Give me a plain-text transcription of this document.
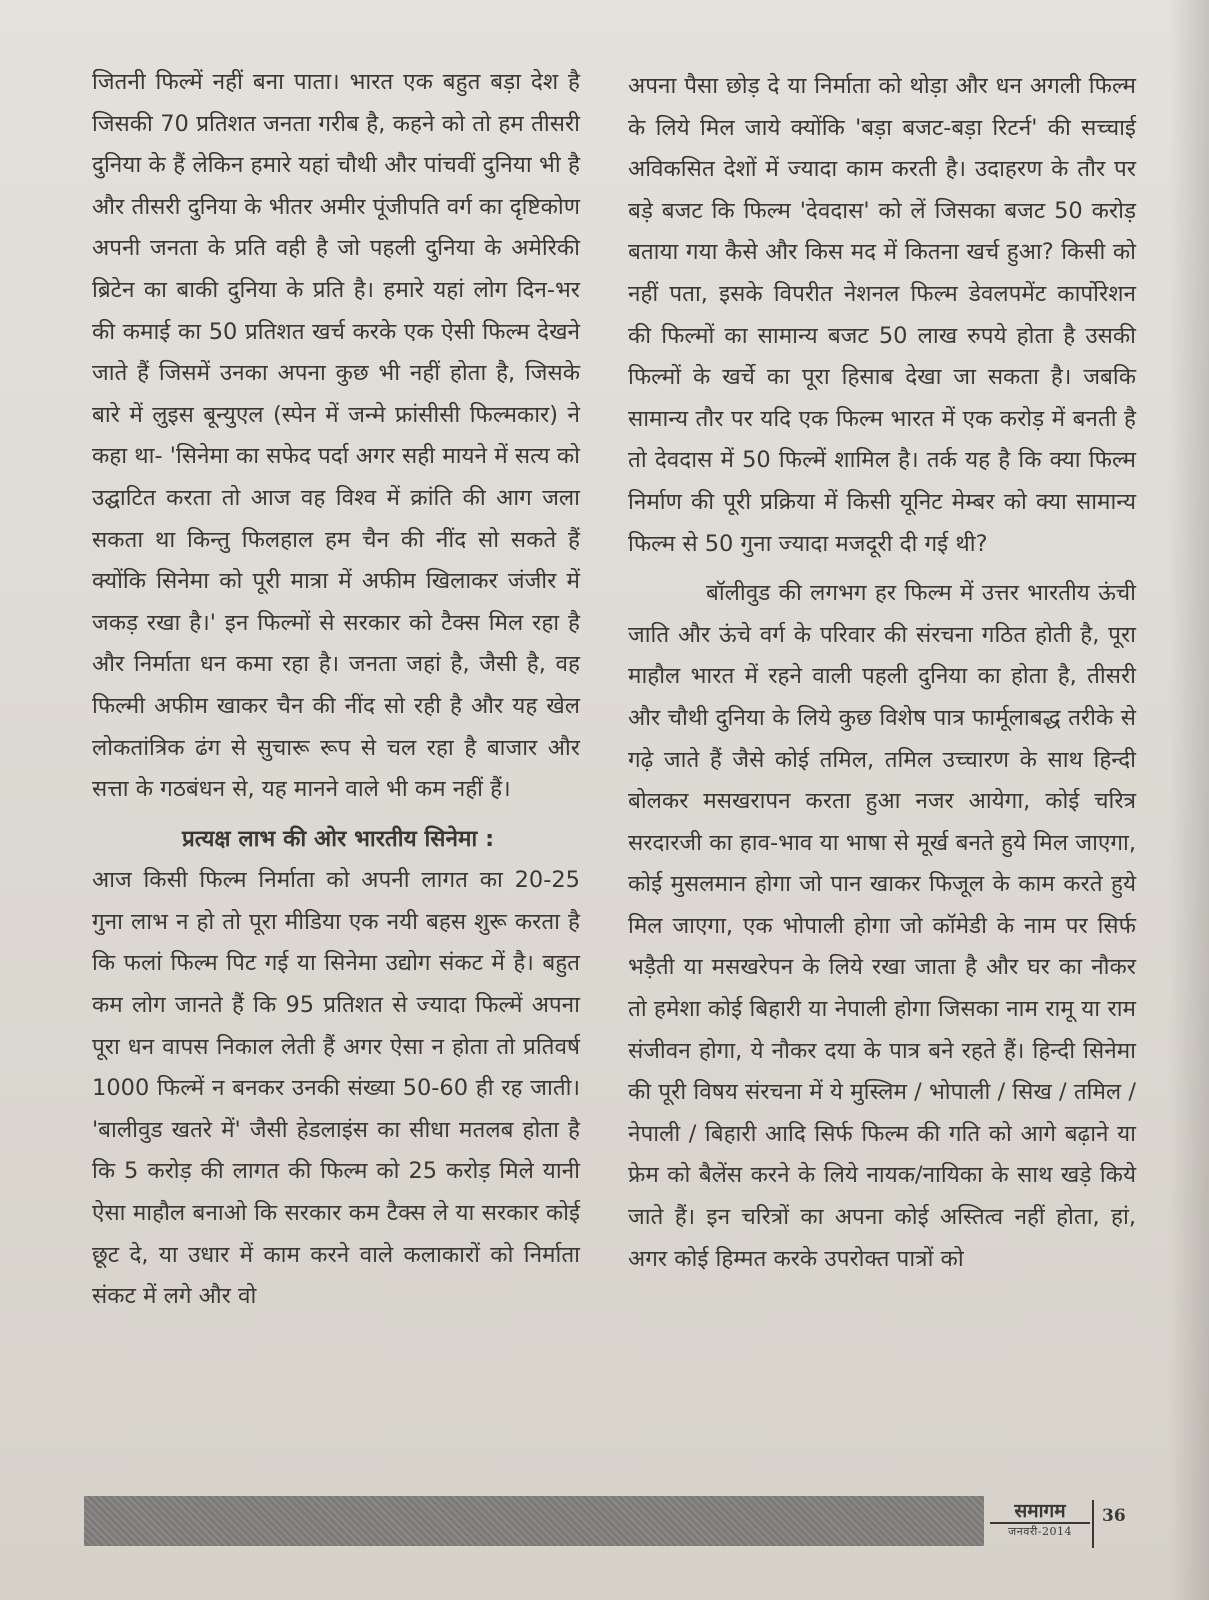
जितनी फिल्में नहीं बना पाता। भारत एक बहुत बड़ा देश है जिसकी 70 प्रतिशत जनता गरीब है, कहने को तो हम तीसरी दुनिया के हैं लेकिन हमारे यहां चौथी और पांचवीं दुनिया भी है और तीसरी दुनिया के भीतर अमीर पूंजीपति वर्ग का दृष्टिकोण अपनी जनता के प्रति वही है जो पहली दुनिया के अमेरिकी ब्रिटेन का बाकी दुनिया के प्रति है। हमारे यहां लोग दिन-भर की कमाई का 50 प्रतिशत खर्च करके एक ऐसी फिल्म देखने जाते हैं जिसमें उनका अपना कुछ भी नहीं होता है, जिसके बारे में लुइस बून्युएल (स्पेन में जन्मे फ्रांसीसी फिल्मकार) ने कहा था- 'सिनेमा का सफेद पर्दा अगर सही मायने में सत्य को उद्घाटित करता तो आज वह विश्व में क्रांति की आग जला सकता था किन्तु फिलहाल हम चैन की नींद सो सकते हैं क्योंकि सिनेमा को पूरी मात्रा में अफीम खिलाकर जंजीर में जकड़ रखा है।' इन फिल्मों से सरकार को टैक्स मिल रहा है और निर्माता धन कमा रहा है। जनता जहां है, जैसी है, वह फिल्मी अफीम खाकर चैन की नींद सो रही है और यह खेल लोकतांत्रिक ढंग से सुचारू रूप से चल रहा है बाजार और सत्ता के गठबंधन से, यह मानने वाले भी कम नहीं हैं।

प्रत्यक्ष लाभ की ओर भारतीय सिनेमा :

आज किसी फिल्म निर्माता को अपनी लागत का 20-25 गुना लाभ न हो तो पूरा मीडिया एक नयी बहस शुरू करता है कि फलां फिल्म पिट गई या सिनेमा उद्योग संकट में है। बहुत कम लोग जानते हैं कि 95 प्रतिशत से ज्यादा फिल्में अपना पूरा धन वापस निकाल लेती हैं अगर ऐसा न होता तो प्रतिवर्ष 1000 फिल्में न बनकर उनकी संख्या 50-60 ही रह जाती। 'बालीवुड खतरे में' जैसी हेडलाइंस का सीधा मतलब होता है कि 5 करोड़ की लागत की फिल्म को 25 करोड़ मिले यानी ऐसा माहौल बनाओ कि सरकार कम टैक्स ले या सरकार कोई छूट दे, या उधार में काम करने वाले कलाकारों को निर्माता संकट में लगे और वो

अपना पैसा छोड़ दे या निर्माता को थोड़ा और धन अगली फिल्म के लिये मिल जाये क्योंकि 'बड़ा बजट-बड़ा रिटर्न' की सच्चाई अविकसित देशों में ज्यादा काम करती है। उदाहरण के तौर पर बड़े बजट कि फिल्म 'देवदास' को लें जिसका बजट 50 करोड़ बताया गया कैसे और किस मद में कितना खर्च हुआ? किसी को नहीं पता, इसके विपरीत नेशनल फिल्म डेवलपमेंट कार्पोरेशन की फिल्मों का सामान्य बजट 50 लाख रुपये होता है उसकी फिल्मों के खर्चे का पूरा हिसाब देखा जा सकता है। जबकि सामान्य तौर पर यदि एक फिल्म भारत में एक करोड़ में बनती है तो देवदास में 50 फिल्में शामिल है। तर्क यह है कि क्या फिल्म निर्माण की पूरी प्रक्रिया में किसी यूनिट मेम्बर को क्या सामान्य फिल्म से 50 गुना ज्यादा मजदूरी दी गई थी?

बॉलीवुड की लगभग हर फिल्म में उत्तर भारतीय ऊंची जाति और ऊंचे वर्ग के परिवार की संरचना गठित होती है, पूरा माहौल भारत में रहने वाली पहली दुनिया का होता है, तीसरी और चौथी दुनिया के लिये कुछ विशेष पात्र फार्मूलाबद्ध तरीके से गढ़े जाते हैं जैसे कोई तमिल, तमिल उच्चारण के साथ हिन्दी बोलकर मसखरापन करता हुआ नजर आयेगा, कोई चरित्र सरदारजी का हाव-भाव या भाषा से मूर्ख बनते हुये मिल जाएगा, कोई मुसलमान होगा जो पान खाकर फिजूल के काम करते हुये मिल जाएगा, एक भोपाली होगा जो कॉमेडी के नाम पर सिर्फ भड़ैती या मसखरेपन के लिये रखा जाता है और घर का नौकर तो हमेशा कोई बिहारी या नेपाली होगा जिसका नाम रामू या राम संजीवन होगा, ये नौकर दया के पात्र बने रहते हैं। हिन्दी सिनेमा की पूरी विषय संरचना में ये मुस्लिम / भोपाली / सिख / तमिल / नेपाली / बिहारी आदि सिर्फ फिल्म की गति को आगे बढ़ाने या फ्रेम को बैलेंस करने के लिये नायक/नायिका के साथ खड़े किये जाते हैं। इन चरित्रों का अपना कोई अस्तित्व नहीं होता, हां, अगर कोई हिम्मत करके उपरोक्त पात्रों को

समागम
जनवरी-2014
36
